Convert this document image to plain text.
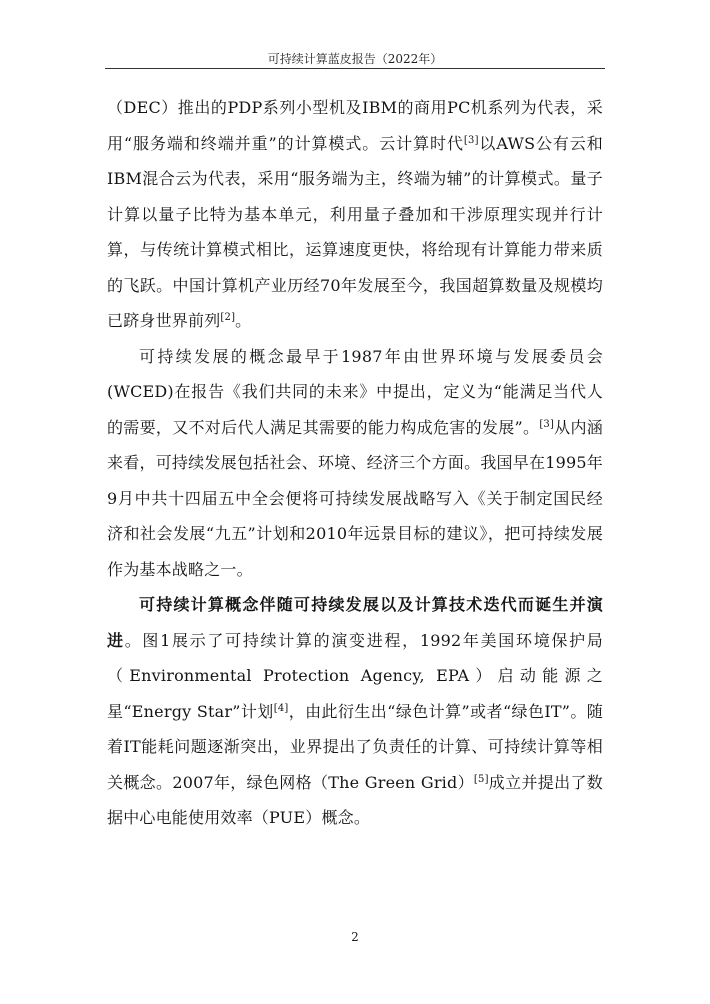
可持续计算蓝皮报告（2022年）

（DEC）推出的PDP系列小型机及IBM的商用PC机系列为代表，采用“服务端和终端并重”的计算模式。云计算时代[3]以AWS公有云和IBM混合云为代表，采用“服务端为主，终端为辅”的计算模式。量子计算以量子比特为基本单元，利用量子叠加和干涉原理实现并行计算，与传统计算模式相比，运算速度更快，将给现有计算能力带来质的飞跃。中国计算机产业历经70年发展至今，我国超算数量及规模均已跻身世界前列[2]。

可持续发展的概念最早于1987年由世界环境与发展委员会(WCED)在报告《我们共同的未来》中提出，定义为“能满足当代人的需要，又不对后代人满足其需要的能力构成危害的发展”。[3]从内涵来看，可持续发展包括社会、环境、经济三个方面。我国早在1995年9月中共十四届五中全会便将可持续发展战略写入《关于制定国民经济和社会发展“九五”计划和2010年远景目标的建议》，把可持续发展作为基本战略之一。

可持续计算概念伴随可持续发展以及计算技术迭代而诞生并演进。图1展示了可持续计算的演变进程，1992年美国环境保护局（Environmental Protection Agency, EPA）启动能源之星“Energy Star”计划[4]，由此衍生出“绿色计算”或者“绿色IT”。随着IT能耗问题逐渐突出，业界提出了负责任的计算、可持续计算等相关概念。2007年，绿色网格（The Green Grid）[5]成立并提出了数据中心电能使用效率（PUE）概念。

2
